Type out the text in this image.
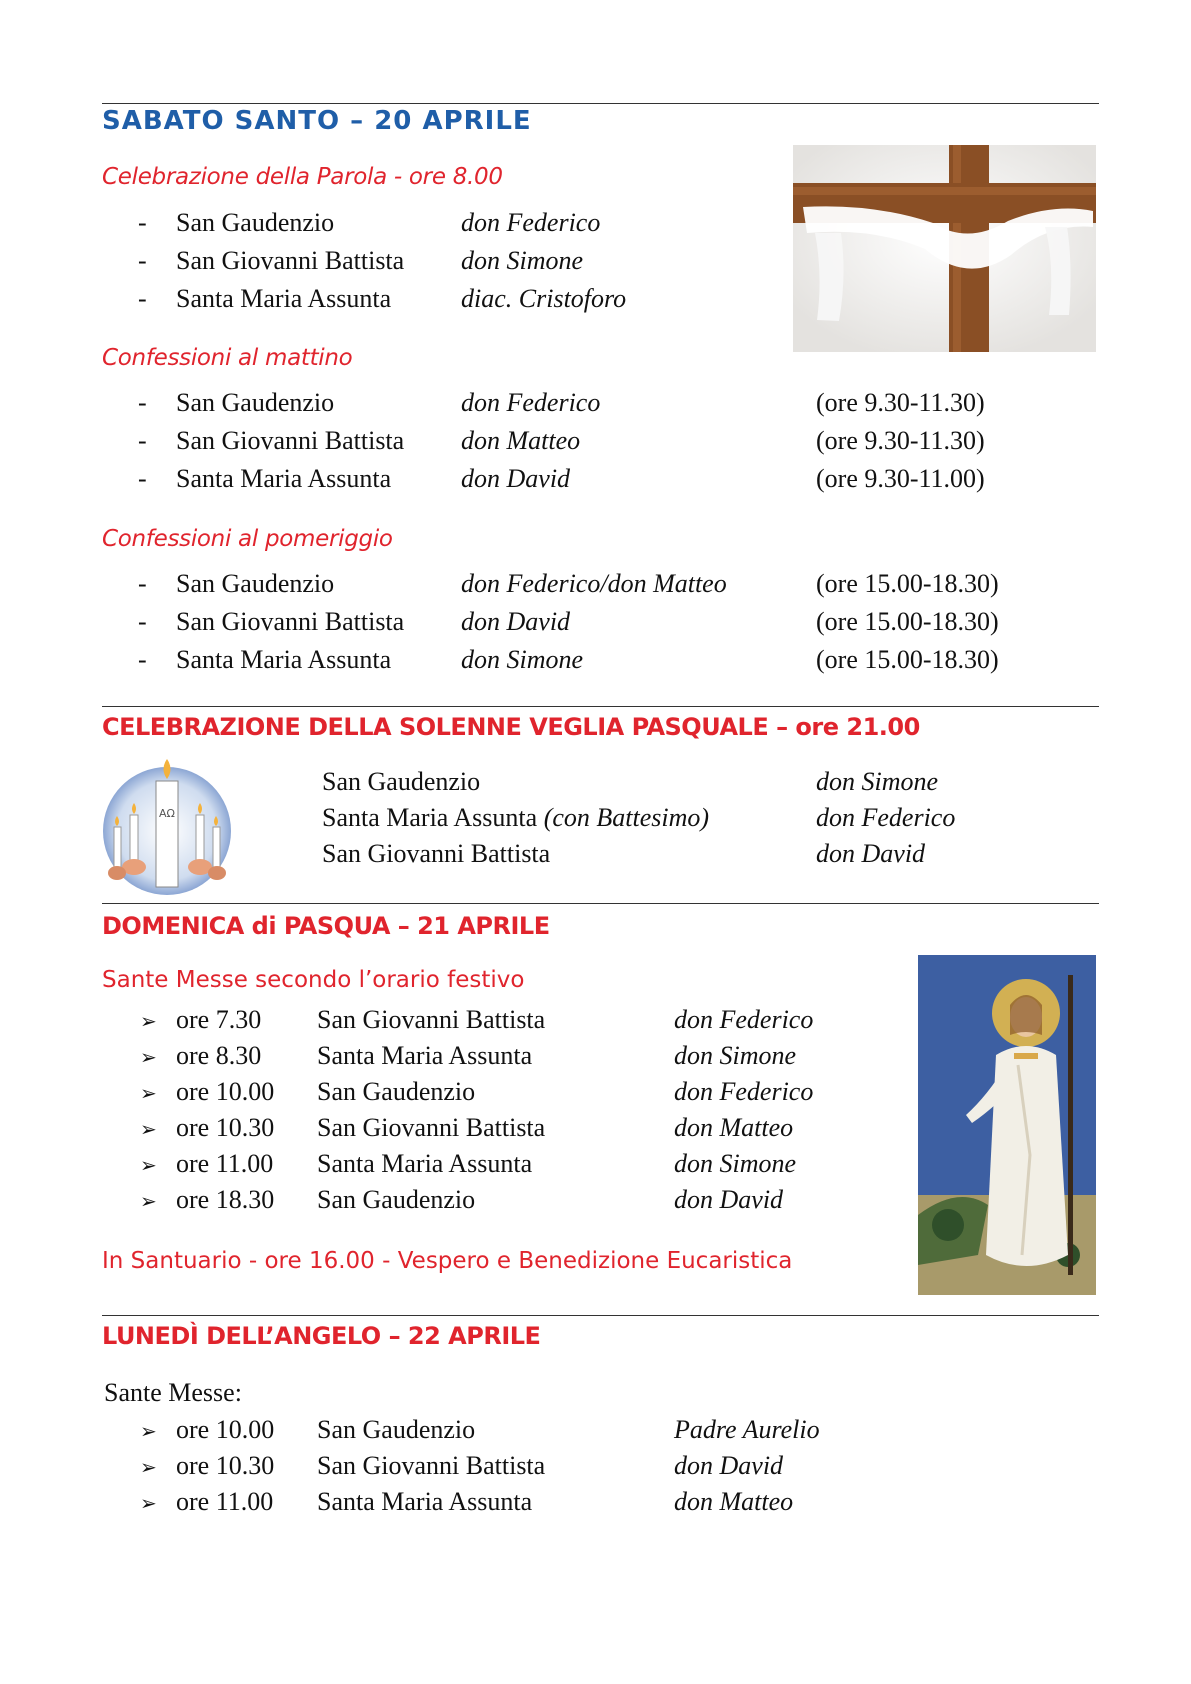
SABATO SANTO – 20 APRILE
Celebrazione della Parola - ore 8.00
- San Gaudenzio	don Federico
- San Giovanni Battista don Simone
- Santa Maria Assunta	diac. Cristoforo
Confessioni al mattino
- San Gaudenzio	don Federico	(ore 9.30-11.30)
- San Giovanni Battista don Matteo	(ore 9.30-11.30)
- Santa Maria Assunta	don David	(ore 9.30-11.00)
Confessioni al pomeriggio
- San Gaudenzio	don Federico/don Matteo	(ore 15.00-18.30)
- San Giovanni Battista don David	(ore 15.00-18.30)
- Santa Maria Assunta	don Simone	(ore 15.00-18.30)
CELEBRAZIONE DELLA SOLENNE VEGLIA PASQUALE – ore 21.00
AΩ
San Gaudenzio	don Simone
Santa Maria Assunta (con Battesimo)	don Federico
San Giovanni Battista	don David
DOMENICA di PASQUA – 21 APRILE
Sante Messe secondo l’orario festivo
➢ ore 7.30 San Giovanni Battista	don Federico
➢ ore 8.30 Santa Maria Assunta	don Simone
➢ ore 10.00 San Gaudenzio	don Federico
➢ ore 10.30 San Giovanni Battista	don Matteo
➢ ore 11.00 Santa Maria Assunta	don Simone
➢ ore 18.30 San Gaudenzio	don David
In Santuario - ore 16.00 - Vespero e Benedizione Eucaristica
LUNEDÌ DELL’ANGELO – 22 APRILE
Sante Messe:
➢ ore 10.00 San Gaudenzio	Padre Aurelio
➢ ore 10.30 San Giovanni Battista	don David
➢ ore 11.00 Santa Maria Assunta	don Matteo
